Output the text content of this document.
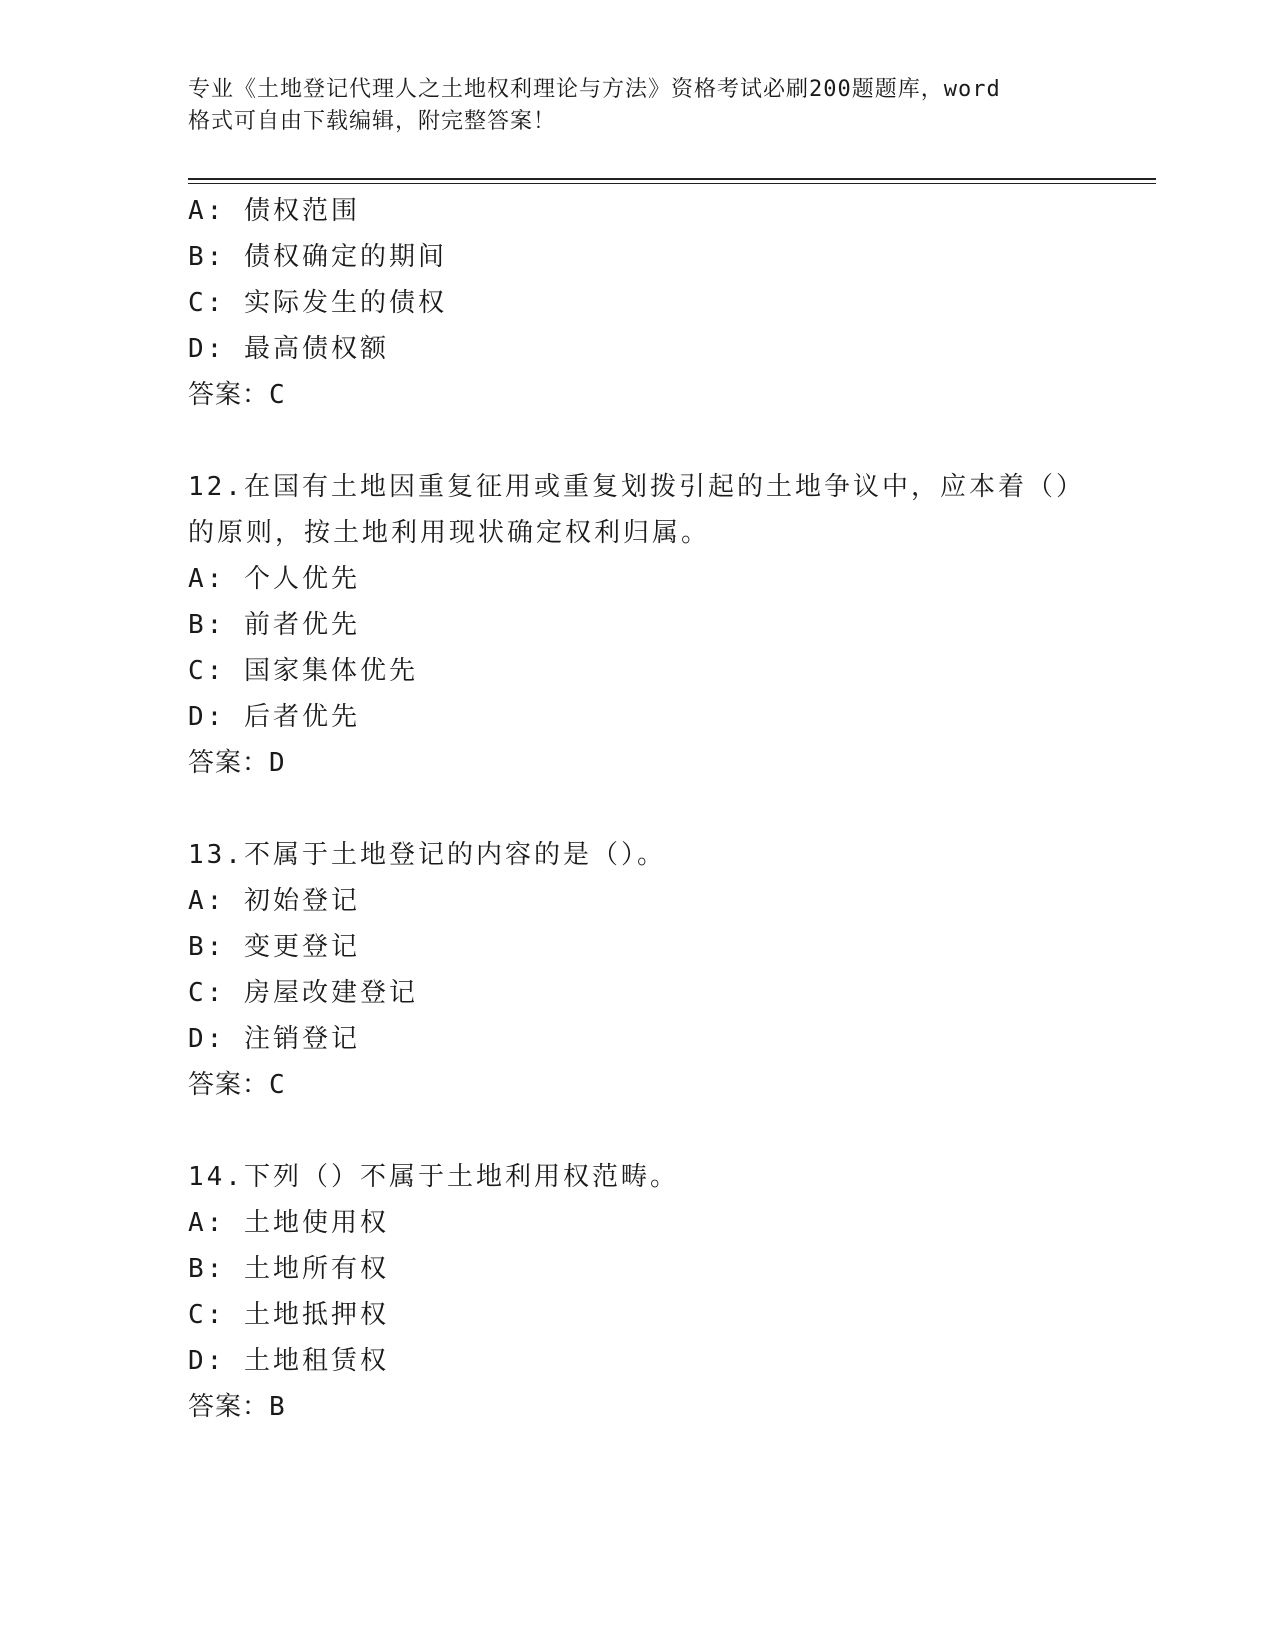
专业《土地登记代理人之土地权利理论与方法》资格考试必刷200题题库，word
格式可自由下载编辑，附完整答案！
A: 债权范围
B: 债权确定的期间
C: 实际发生的债权
D: 最高债权额
答案：C
12.在国有土地因重复征用或重复划拨引起的土地争议中，应本着（）
的原则，按土地利用现状确定权利归属。
A: 个人优先
B: 前者优先
C: 国家集体优先
D: 后者优先
答案：D
13.不属于土地登记的内容的是（）。
A: 初始登记
B: 变更登记
C: 房屋改建登记
D: 注销登记
答案：C
14.下列（）不属于土地利用权范畴。
A: 土地使用权
B: 土地所有权
C: 土地抵押权
D: 土地租赁权
答案：B
